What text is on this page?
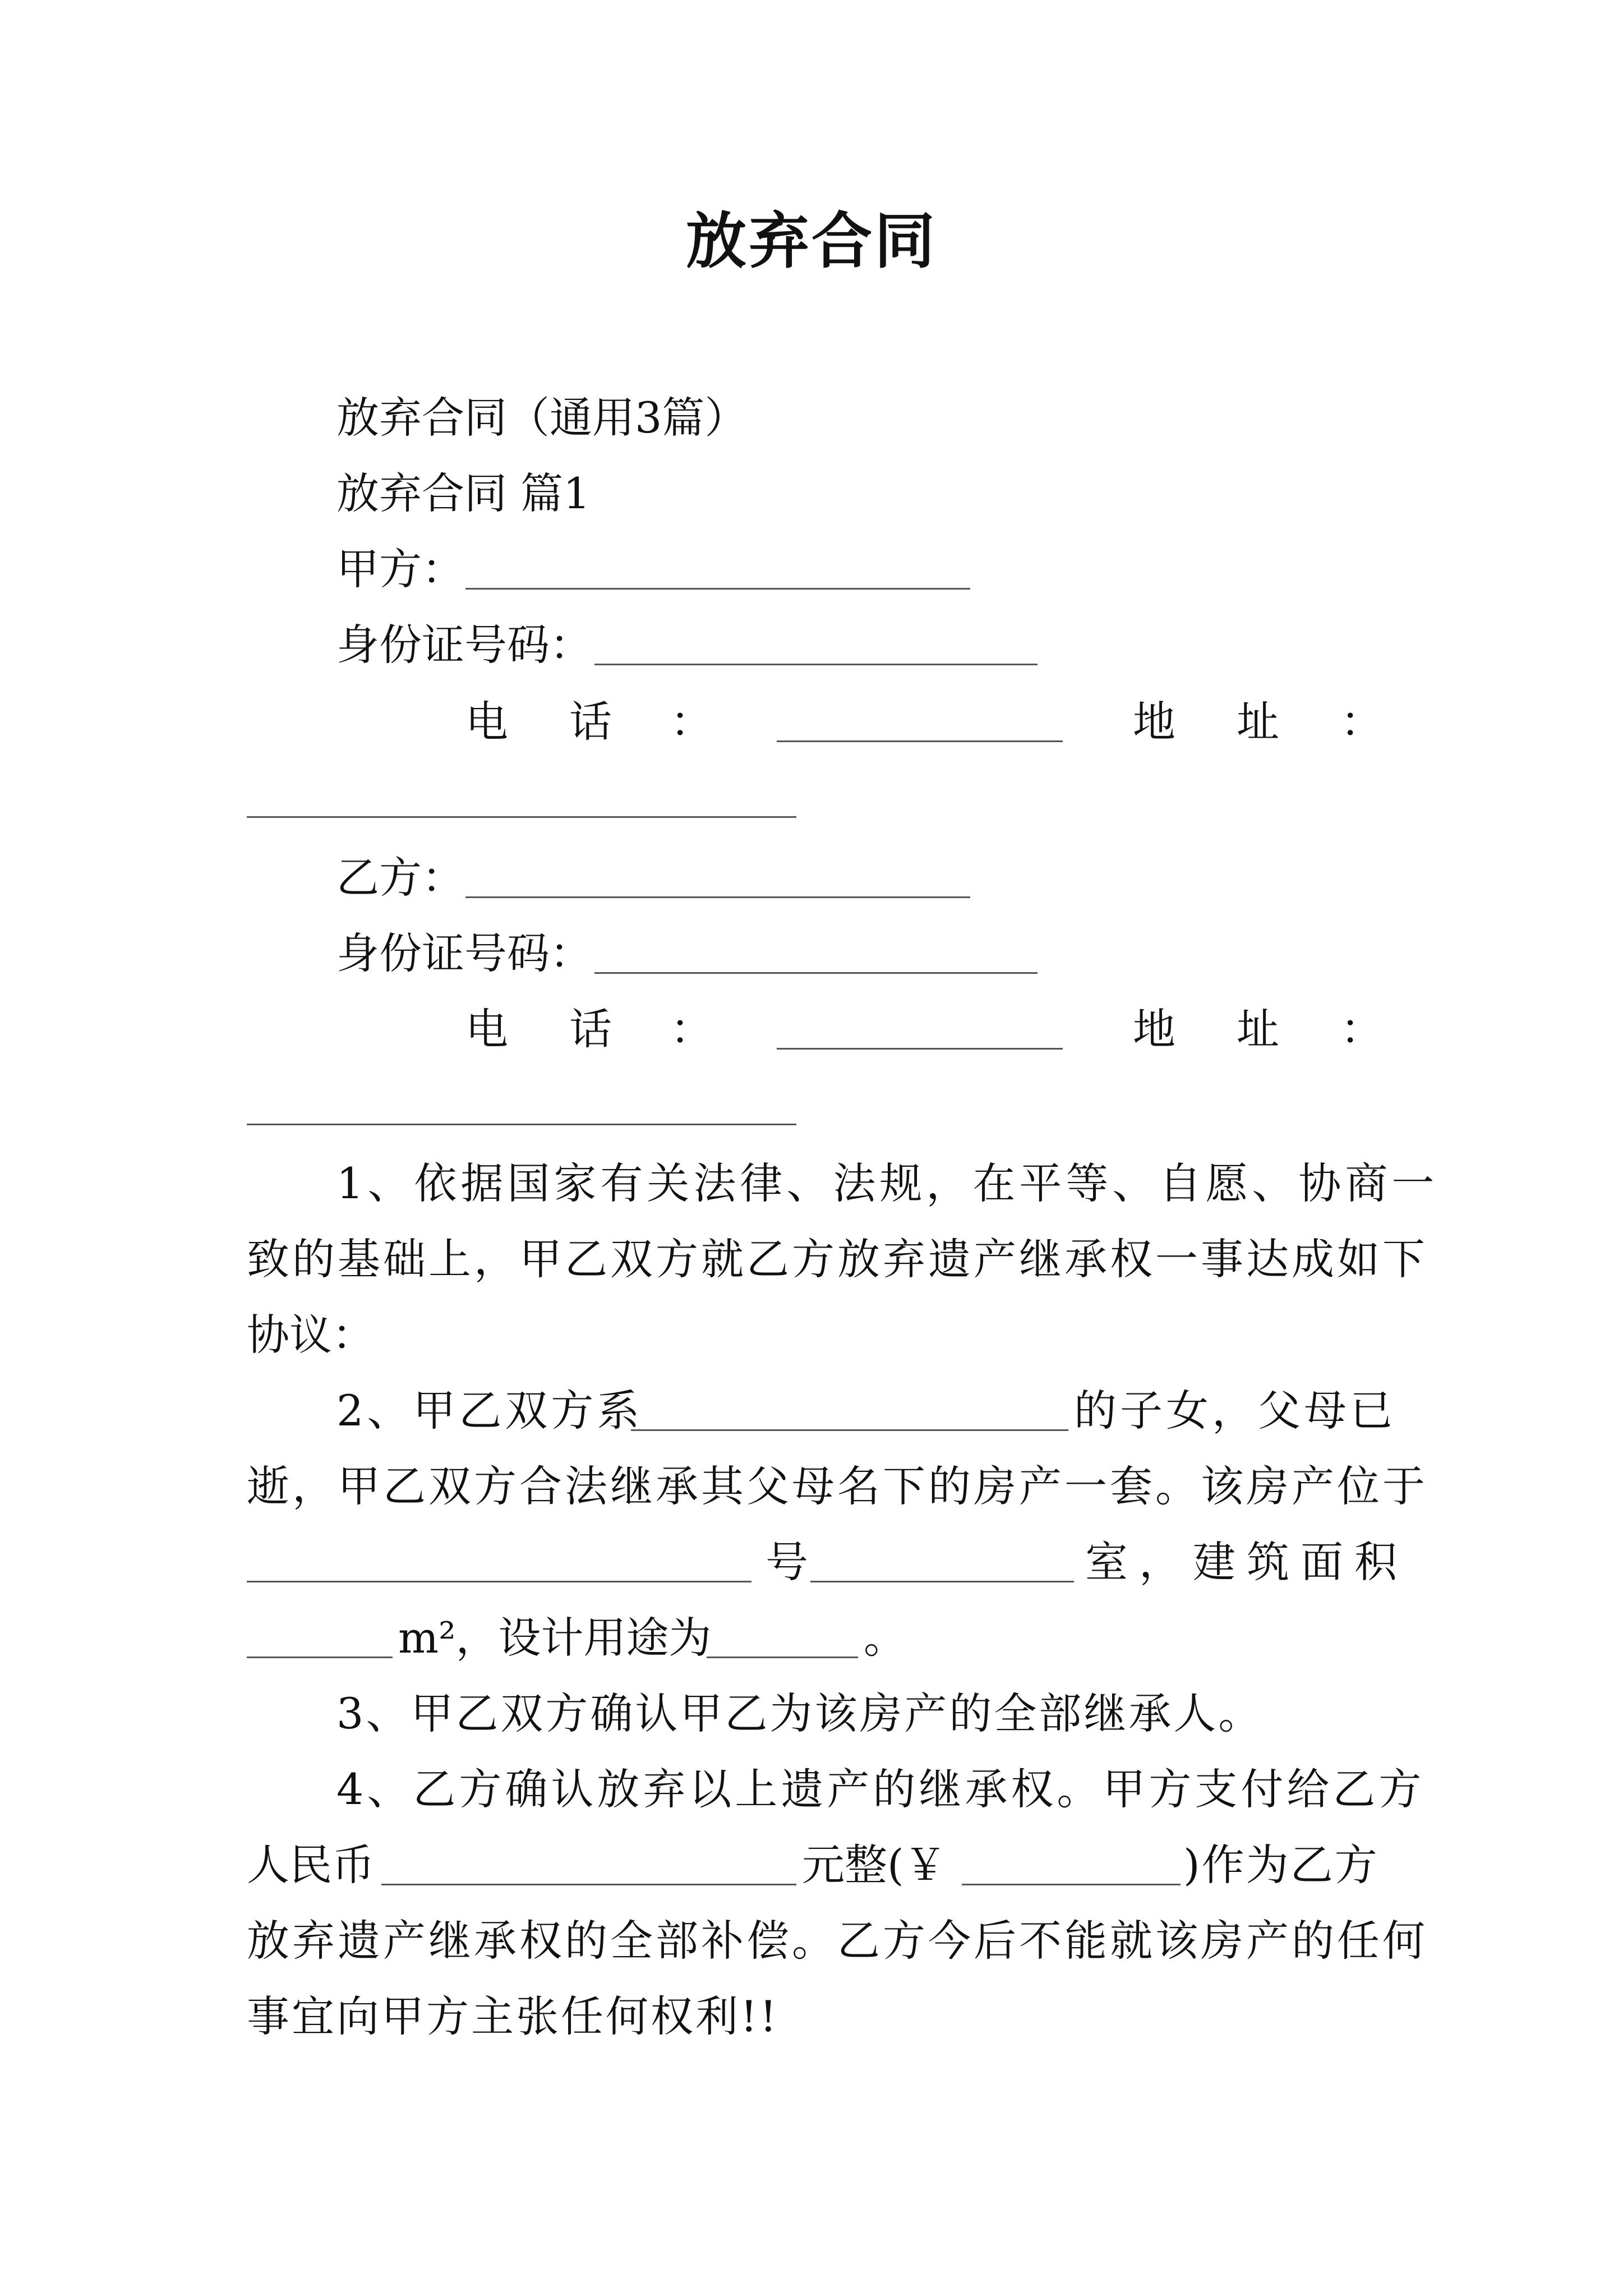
放弃合同
放弃合同（通用3篇）
放弃合同 篇1
甲方：
身份证号码：
电 话 ：	地 址 ：
乙方：
身份证号码：
电 话 ：	地 址 ：
1、依据国家有关法律、法规，在平等、自愿、协商一
致的基础上，甲乙双方就乙方放弃遗产继承权一事达成如下
协议：
2、甲乙双方系	的子女，父母已
逝，甲乙双方合法继承其父母名下的房产一套。该房产位于
号	室，建筑面积
m²，设计用途为	。
3、甲乙双方确认甲乙为该房产的全部继承人。
4、乙方确认放弃以上遗产的继承权。甲方支付给乙方
人民币	元整(￥	)作为乙方
放弃遗产继承权的全部补偿。乙方今后不能就该房产的任何
事宜向甲方主张任何权利!!
